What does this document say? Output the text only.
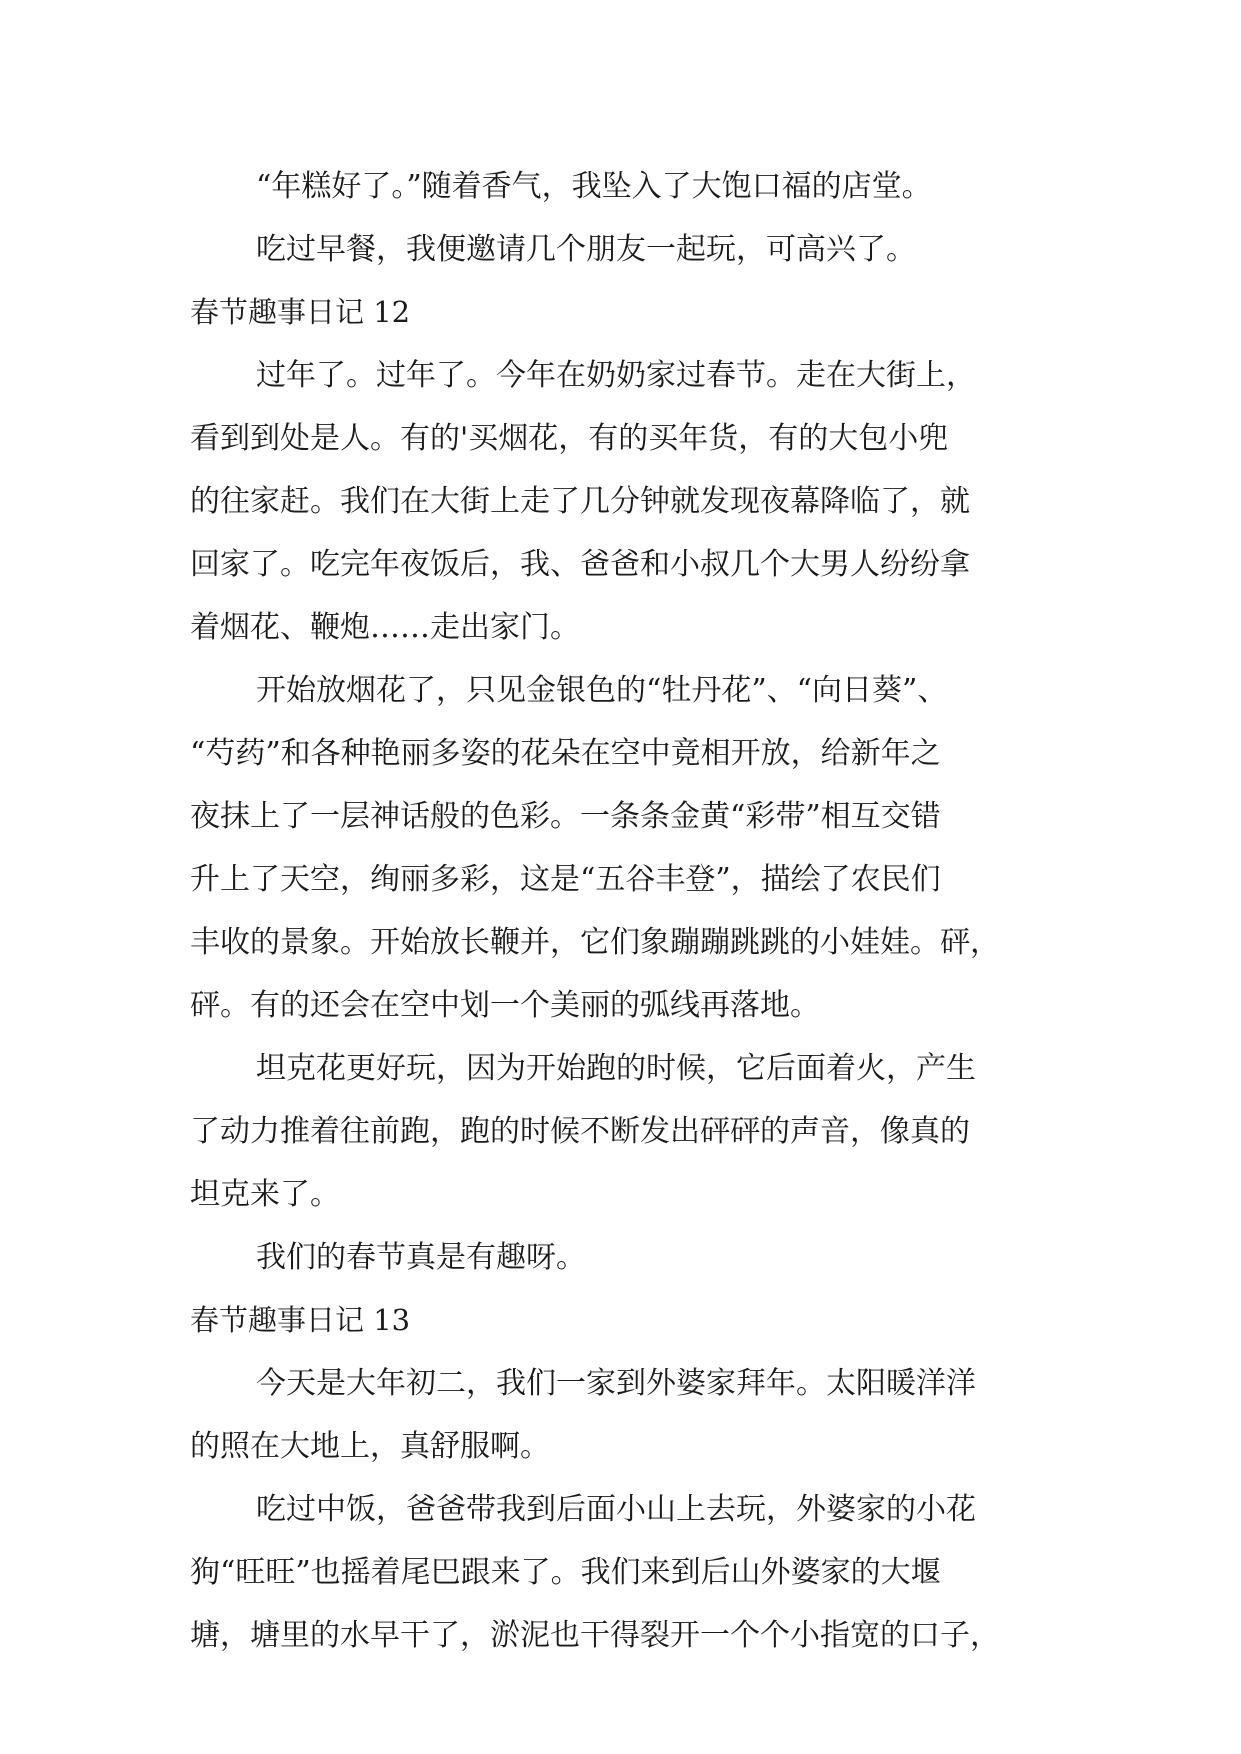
“年糕好了。”随着香气，我坠入了大饱口福的店堂。
吃过早餐，我便邀请几个朋友一起玩，可高兴了。
春节趣事日记 12
过年了。过年了。今年在奶奶家过春节。走在大街上，
看到到处是人。有的'买烟花，有的买年货，有的大包小兜
的往家赶。我们在大街上走了几分钟就发现夜幕降临了，就
回家了。吃完年夜饭后，我、爸爸和小叔几个大男人纷纷拿
着烟花、鞭炮……走出家门。
开始放烟花了，只见金银色的“牡丹花”、“向日葵”、
“芍药”和各种艳丽多姿的花朵在空中竟相开放，给新年之
夜抹上了一层神话般的色彩。一条条金黄“彩带”相互交错
升上了天空，绚丽多彩，这是“五谷丰登”，描绘了农民们
丰收的景象。开始放长鞭并，它们象蹦蹦跳跳的小娃娃。砰，
砰。有的还会在空中划一个美丽的弧线再落地。
坦克花更好玩，因为开始跑的时候，它后面着火，产生
了动力推着往前跑，跑的时候不断发出砰砰的声音，像真的
坦克来了。
我们的春节真是有趣呀。
春节趣事日记 13
今天是大年初二，我们一家到外婆家拜年。太阳暖洋洋
的照在大地上，真舒服啊。
吃过中饭，爸爸带我到后面小山上去玩，外婆家的小花
狗“旺旺”也摇着尾巴跟来了。我们来到后山外婆家的大堰
塘，塘里的水早干了，淤泥也干得裂开一个个小指宽的口子，
